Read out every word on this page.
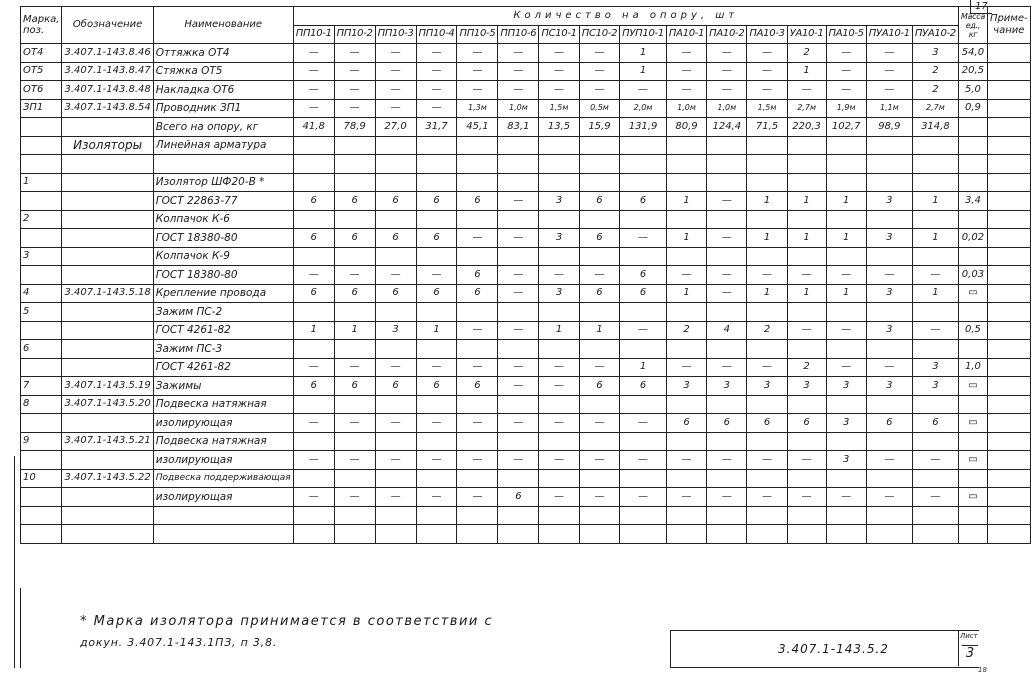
17
Марка, поз.	Обозначение	Наименование	Количество на опору, шт																Масса ед., кг	Приме- чание
			ПП10-1	ПП10-2	ПП10-3	ПП10-4	ПП10-5	ПП10-6	ПС10-1	ПС10-2	ПУП10-1	ПА10-1	ПА10-2	ПА10-3	УА10-1	ПА10-5	ПУА10-1	ПУА10-2		
ОТ4	3.407.1-143.8.46	Оттяжка ОТ4	—	—	—	—	—	—	—	—	1	—	—	—	2	—	—	3	54,0	
ОТ5	3.407.1-143.8.47	Стяжка ОТ5	—	—	—	—	—	—	—	—	1	—	—	—	1	—	—	2	20,5	
ОТ6	3.407.1-143.8.48	Накладка ОТ6	—	—	—	—	—	—	—	—	—	—	—	—	—	—	—	2	5,0	
ЗП1	3.407.1-143.8.54	Проводник ЗП1	—	—	—	—	1,3м	1,0м	1,5м	0,5м	2,0м	1,0м	1,0м	1,5м	2,7м	1,9м	1,1м	2,7м	0,9	
		Всего на опору, кг	41,8	78,9	27,0	31,7	45,1	83,1	13,5	15,9	131,9	80,9	124,4	71,5	220,3	102,7	98,9	314,8		
	Изоляторы	Линейная арматура																		

1		Изолятор ШФ20-В *																		
		ГОСТ 22863-77	6	6	6	6	6	—	3	6	6	1	—	1	1	1	3	1	3,4	
2		Колпачок К-6																		
		ГОСТ 18380-80	6	6	6	6	—	—	3	6	—	1	—	1	1	1	3	1	0,02	
3		Колпачок К-9																		
		ГОСТ 18380-80	—	—	—	—	6	—	—	—	6	—	—	—	—	—	—	—	0,03	
4	3.407.1-143.5.18	Крепление провода	6	6	6	6	6	—	3	6	6	1	—	1	1	1	3	1	▭	
5		Зажим ПС-2																		
		ГОСТ 4261-82	1	1	3	1	—	—	1	1	—	2	4	2	—	—	3	—	0,5	
6		Зажим ПС-3																		
		ГОСТ 4261-82	—	—	—	—	—	—	—	—	1	—	—	—	2	—	—	3	1,0	
7	3.407.1-143.5.19	Зажимы	6	6	6	6	6	—	—	6	6	3	3	3	3	3	3	3	▭	
8	3.407.1-143.5.20	Подвеска натяжная																		
		изолирующая	—	—	—	—	—	—	—	—	—	6	6	6	6	3	6	6	▭	
9	3.407.1-143.5.21	Подвеска натяжная																		
		изолирующая	—	—	—	—	—	—	—	—	—	—	—	—	—	3	—	—	▭	
10	3.407.1-143.5.22	Подвеска поддерживающая																		
		изолирующая	—	—	—	—	—	6	—	—	—	—	—	—	—	—	—	—	▭	

* Марка изолятора принимается в соответствии с
докун. 3.407.1-143.1ПЗ, п 3,8.	3.407.1-143.5.2
Лист
3
18
